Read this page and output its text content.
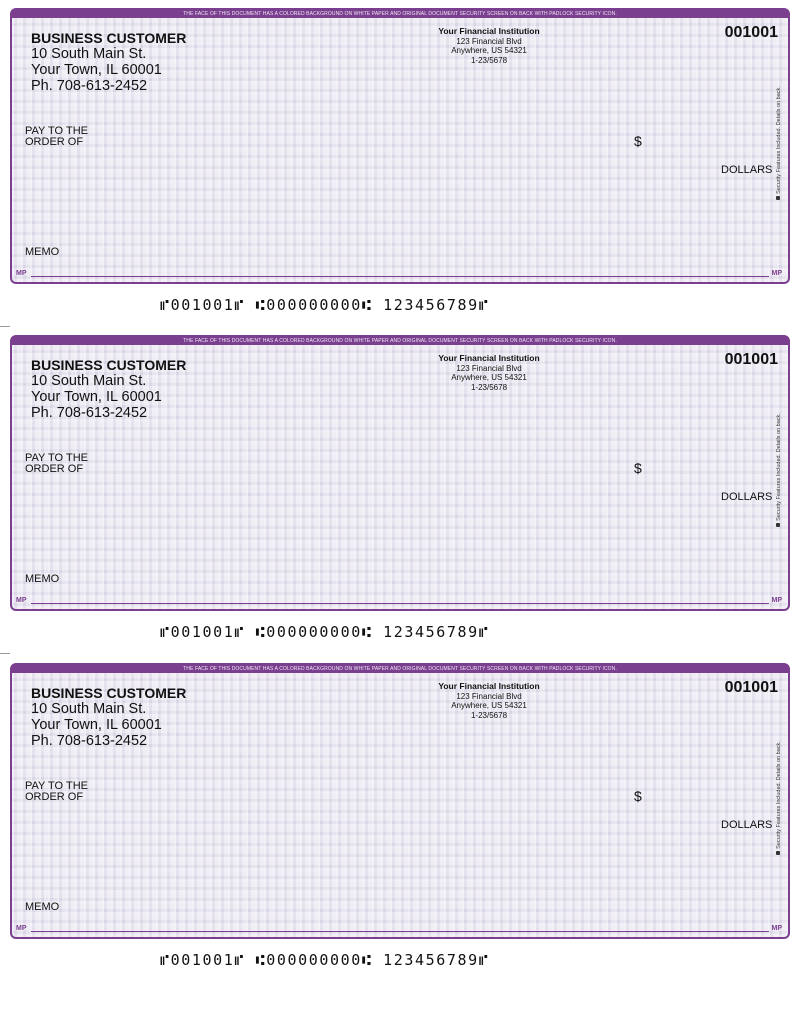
THE FACE OF THIS DOCUMENT HAS A COLORED BACKGROUND ON WHITE PAPER AND ORIGINAL DOCUMENT SECURITY SCREEN ON BACK WITH PADLOCK SECURITY ICON.
BUSINESS CUSTOMER
10 South Main St.
Your Town, IL 60001
Ph. 708-613-2452
Your Financial Institution
123 Financial Blvd
Anywhere, US 54321
1-23/5678
001001
PAY TO THE
ORDER OF	$
DOLLARS
MEMO
MP	MP
Security Features Included. Details on back.
⑈001001⑈ ⑆000000000⑆ 123456789⑈
THE FACE OF THIS DOCUMENT HAS A COLORED BACKGROUND ON WHITE PAPER AND ORIGINAL DOCUMENT SECURITY SCREEN ON BACK WITH PADLOCK SECURITY ICON.
BUSINESS CUSTOMER
10 South Main St.
Your Town, IL 60001
Ph. 708-613-2452
Your Financial Institution
123 Financial Blvd
Anywhere, US 54321
1-23/5678
001001
PAY TO THE
ORDER OF	$
DOLLARS
MEMO
MP	MP
Security Features Included. Details on back.
⑈001001⑈ ⑆000000000⑆ 123456789⑈
THE FACE OF THIS DOCUMENT HAS A COLORED BACKGROUND ON WHITE PAPER AND ORIGINAL DOCUMENT SECURITY SCREEN ON BACK WITH PADLOCK SECURITY ICON.
BUSINESS CUSTOMER
10 South Main St.
Your Town, IL 60001
Ph. 708-613-2452
Your Financial Institution
123 Financial Blvd
Anywhere, US 54321
1-23/5678
001001
PAY TO THE
ORDER OF	$
DOLLARS
MEMO
MP	MP
Security Features Included. Details on back.
⑈001001⑈ ⑆000000000⑆ 123456789⑈
